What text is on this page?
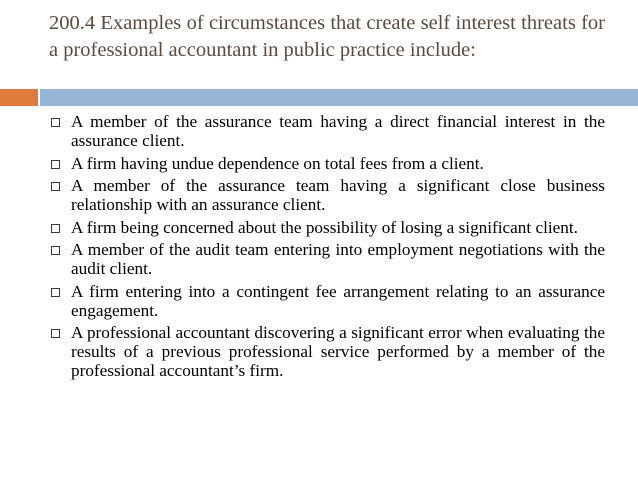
200.4 Examples of circumstances that create self interest threats for a professional accountant in public practice include:
A member of the assurance team having a direct financial interest in the assurance client.
A firm having undue dependence on total fees from a client.
A member of the assurance team having a significant close business relationship with an assurance client.
A firm being concerned about the possibility of losing a significant client.
A member of the audit team entering into employment negotiations with the audit client.
A firm entering into a contingent fee arrangement relating to an assurance engagement.
A professional accountant discovering a significant error when evaluating the results of a previous professional service performed by a member of the professional accountant’s firm.
